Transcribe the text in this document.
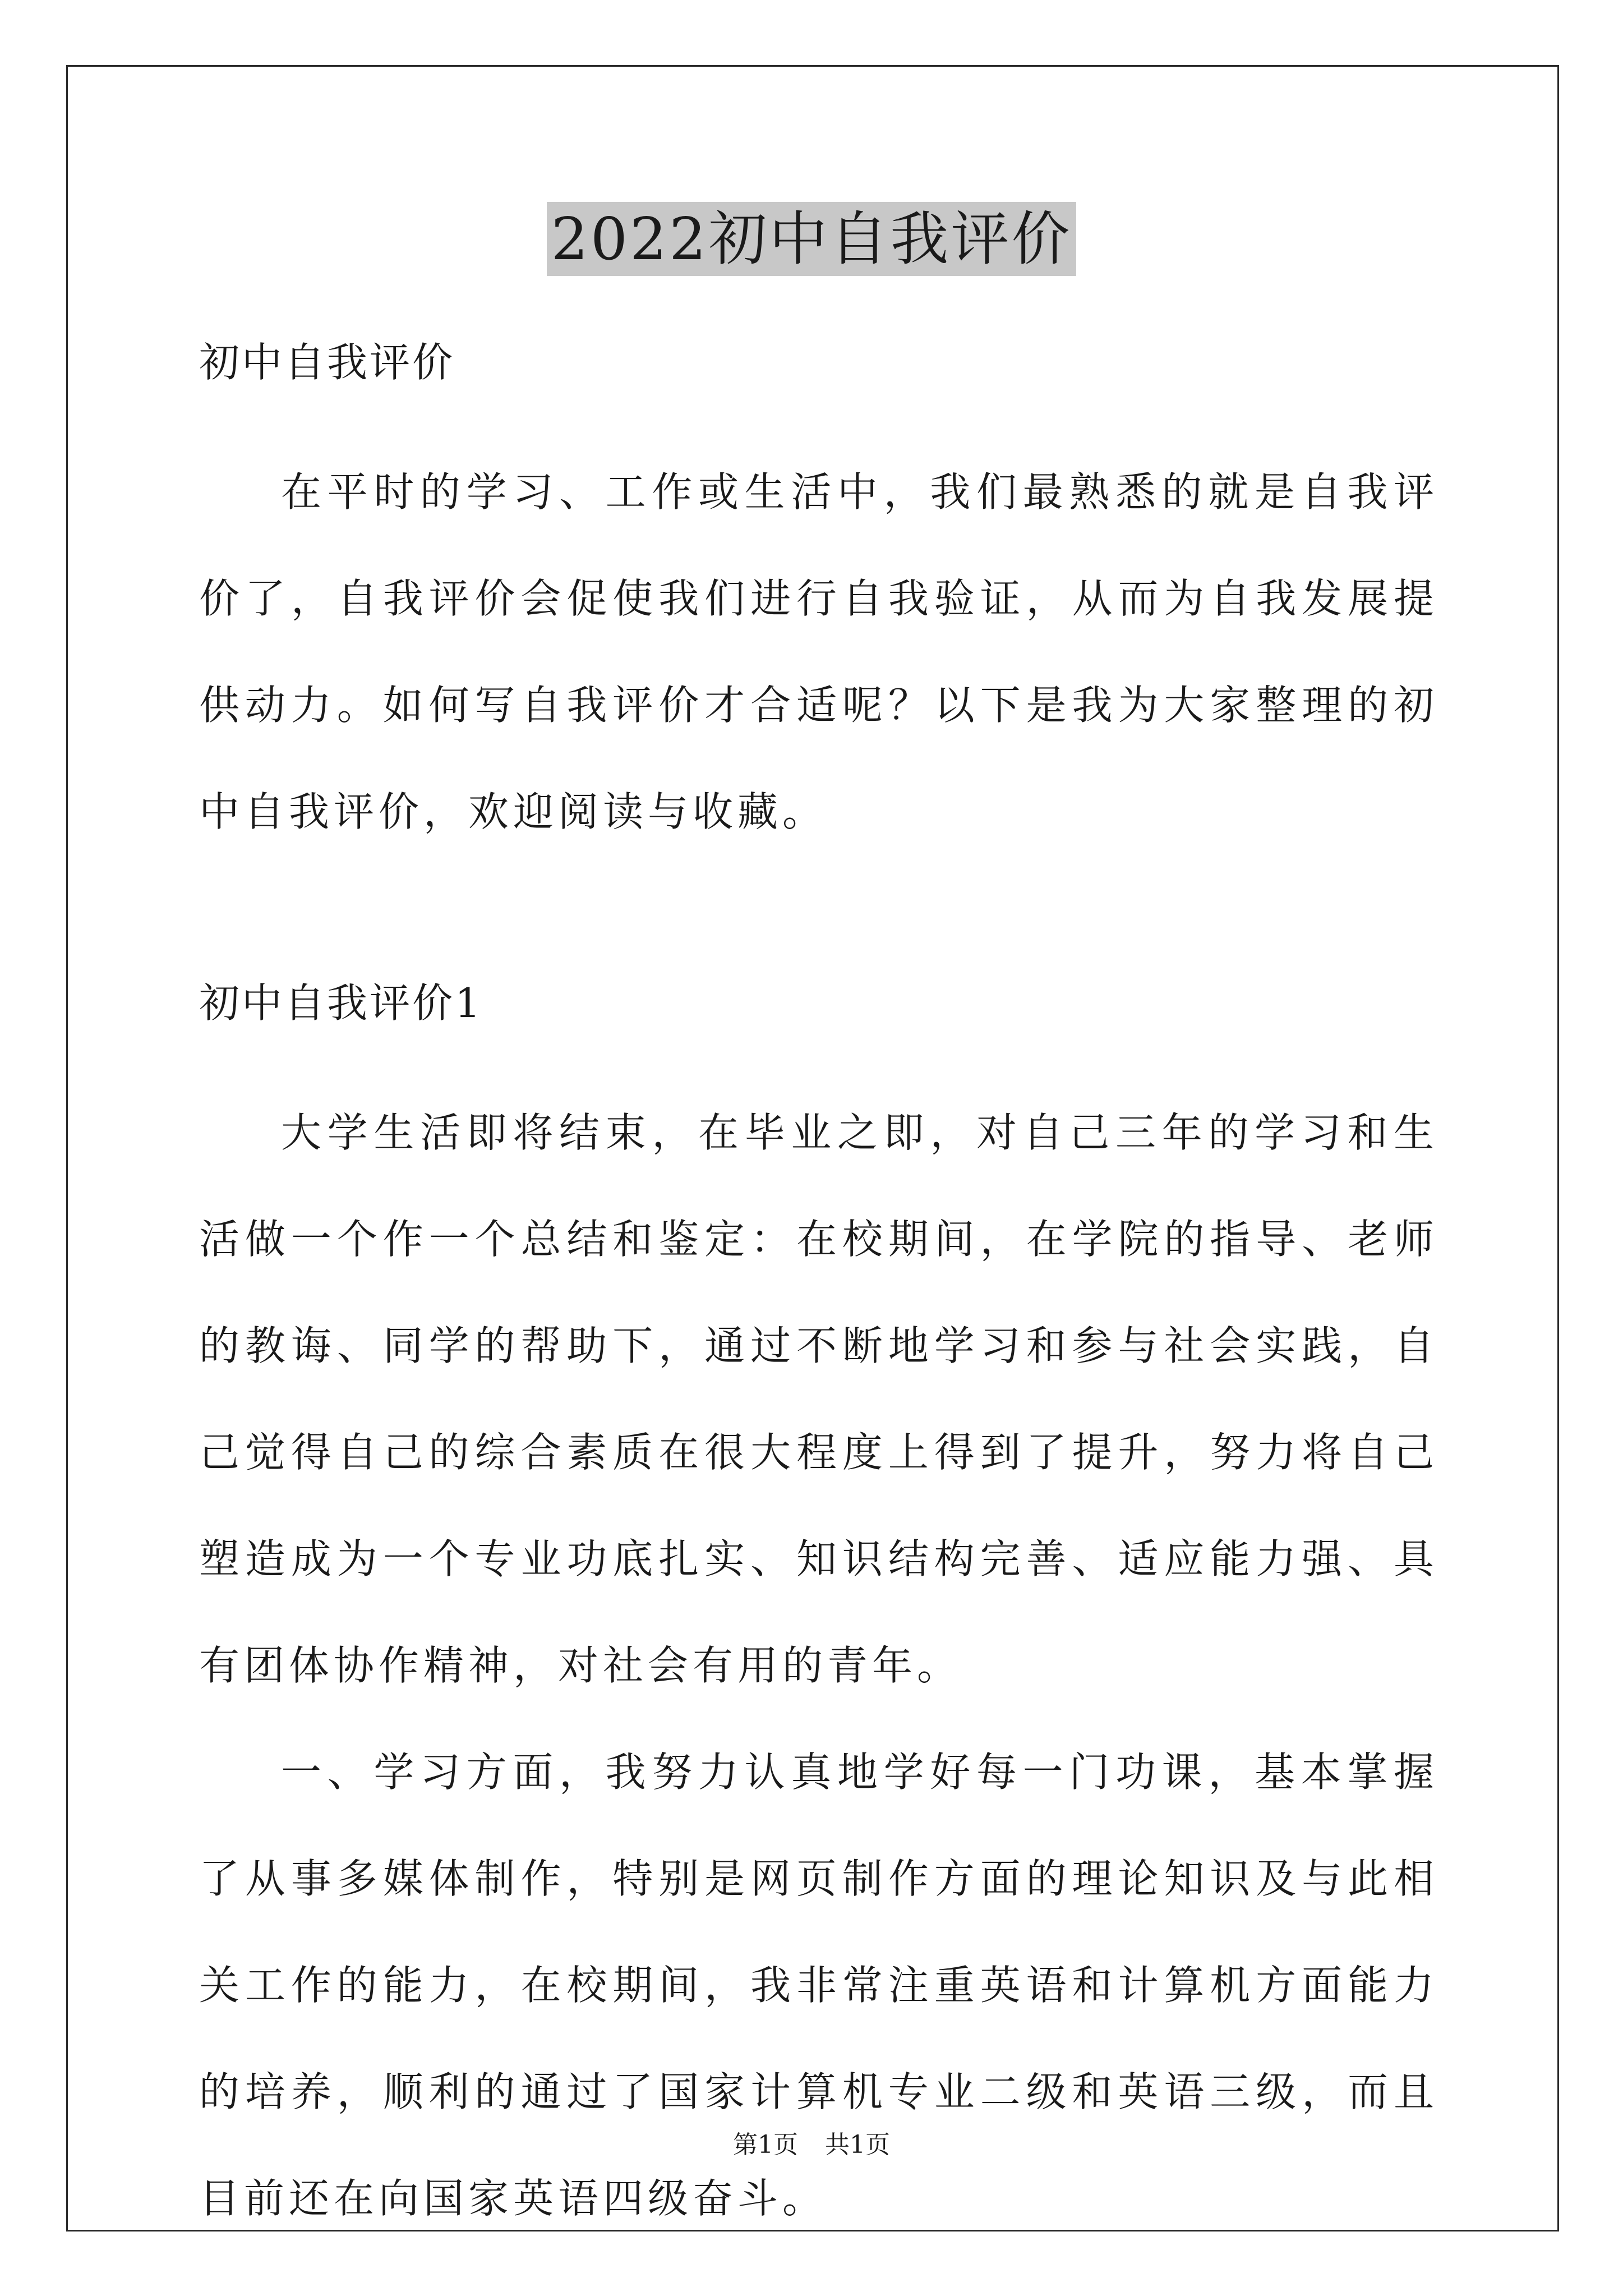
2022初中自我评价

初中自我评价

在平时的学习、工作或生活中，我们最熟悉的就是自我评价了，自我评价会促使我们进行自我验证，从而为自我发展提供动力。如何写自我评价才合适呢？以下是我为大家整理的初中自我评价，欢迎阅读与收藏。

初中自我评价1

大学生活即将结束，在毕业之即，对自己三年的学习和生活做一个作一个总结和鉴定：在校期间，在学院的指导、老师的教诲、同学的帮助下，通过不断地学习和参与社会实践，自己觉得自己的综合素质在很大程度上得到了提升，努力将自己塑造成为一个专业功底扎实、知识结构完善、适应能力强、具有团体协作精神，对社会有用的青年。

一、学习方面，我努力认真地学好每一门功课，基本掌握了从事多媒体制作，特别是网页制作方面的理论知识及与此相关工作的能力，在校期间，我非常注重英语和计算机方面能力的培养，顺利的通过了国家计算机专业二级和英语三级，而且目前还在向国家英语四级奋斗。

第1页 共1页
